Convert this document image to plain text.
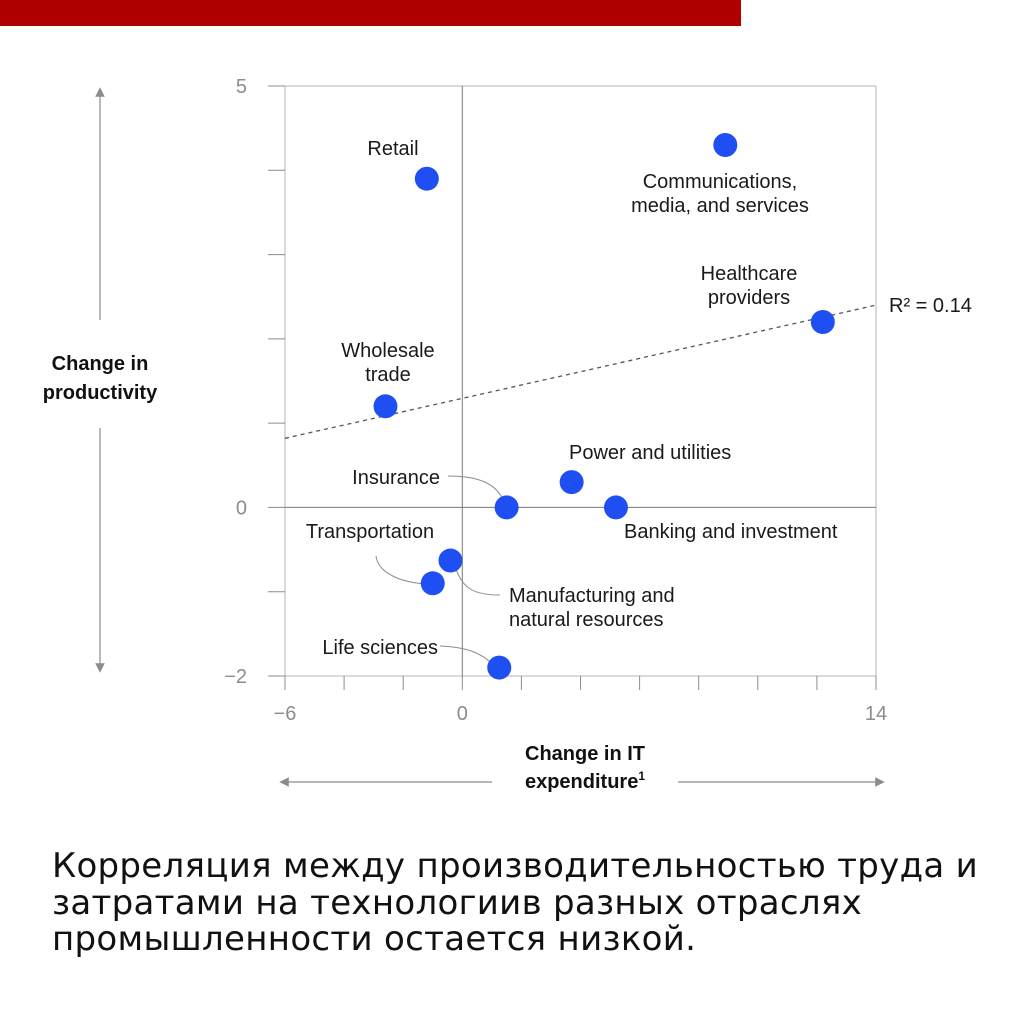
5
0
−2
−6	0	14
R² = 0.14
Retail
Communications, media, and services
Healthcare providers
Wholesale trade
Power and utilities
Insurance
Banking and investment
Transportation
Manufacturing and natural resources
Life sciences
Change in
productivity
Change in IT expenditure$^1$
Корреляция между производительностью труда и затратами на технологиив разных отраслях промышленности остается низкой.
